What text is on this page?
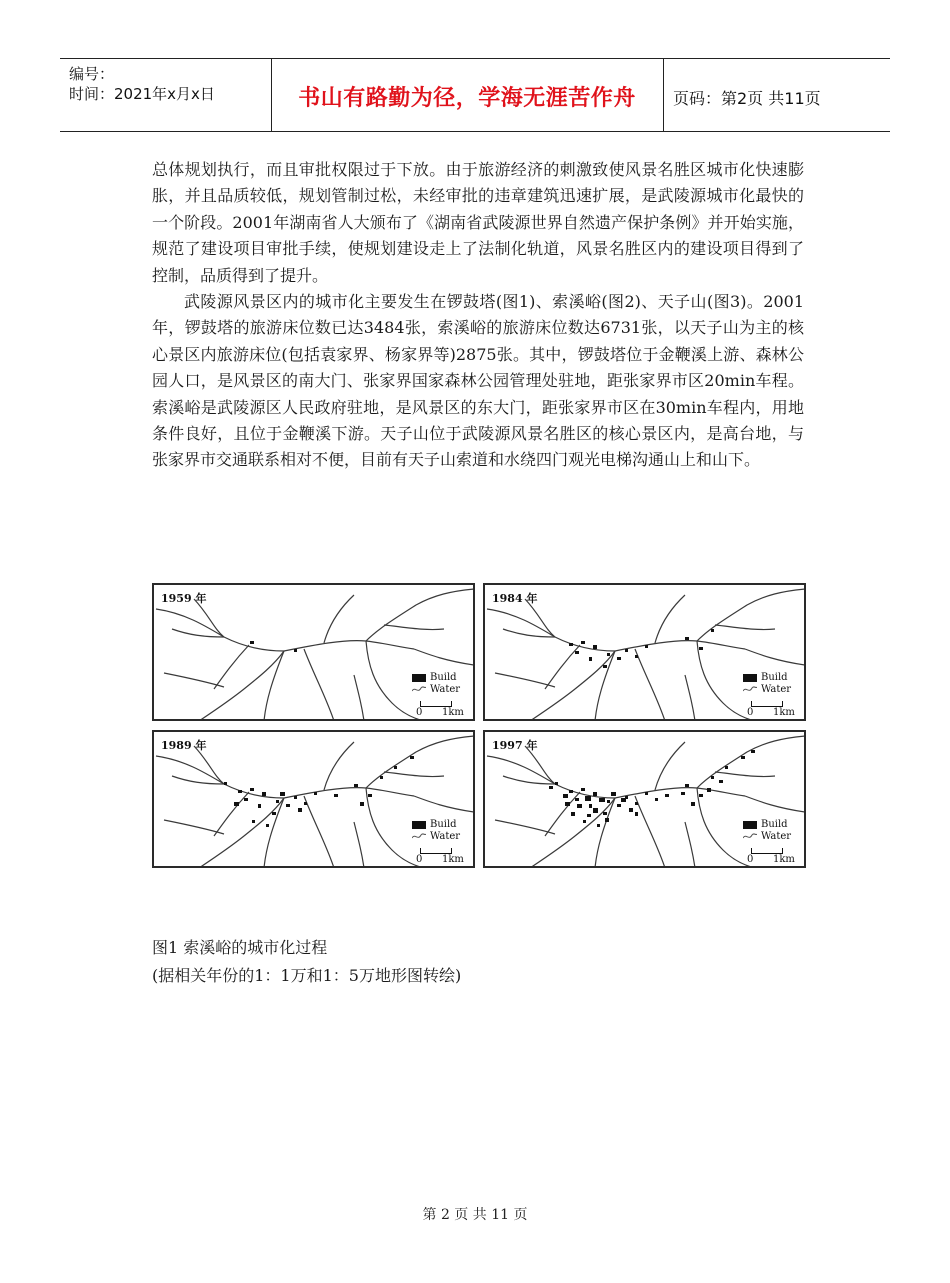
编号：
时间：2021年x月x日	书山有路勤为径，学海无涯苦作舟	页码：第2页 共11页

总体规划执行，而且审批权限过于下放。由于旅游经济的刺激致使风景名胜区城市化快速膨胀，并且品质较低，规划管制过松，未经审批的违章建筑迅速扩展，是武陵源城市化最快的一个阶段。2001年湖南省人大颁布了《湖南省武陵源世界自然遗产保护条例》并开始实施，规范了建设项目审批手续，使规划建设走上了法制化轨道，风景名胜区内的建设项目得到了控制，品质得到了提升。

武陵源风景区内的城市化主要发生在锣鼓塔(图1)、索溪峪(图2)、天子山(图3)。2001年，锣鼓塔的旅游床位数已达3484张，索溪峪的旅游床位数达6731张，以天子山为主的核心景区内旅游床位(包括袁家界、杨家界等)2875张。其中，锣鼓塔位于金鞭溪上游、森林公园人口，是风景区的南大门、张家界国家森林公园管理处驻地，距张家界市区20min车程。索溪峪是武陵源区人民政府驻地，是风景区的东大门，距张家界市区在30min车程内，用地条件良好，且位于金鞭溪下游。天子山位于武陵源风景名胜区的核心景区内，是高台地，与张家界市交通联系相对不便，目前有天子山索道和水绕四门观光电梯沟通山上和山下。

1959 年
Build
Water
0 1km
1984 年
Build
Water
0 1km
1989 年
Build
Water
0 1km
1997 年
Build
Water
0 1km
图1 索溪峪的城市化过程
(据相关年份的1：1万和1：5万地形图转绘)
第 2 页 共 11 页
